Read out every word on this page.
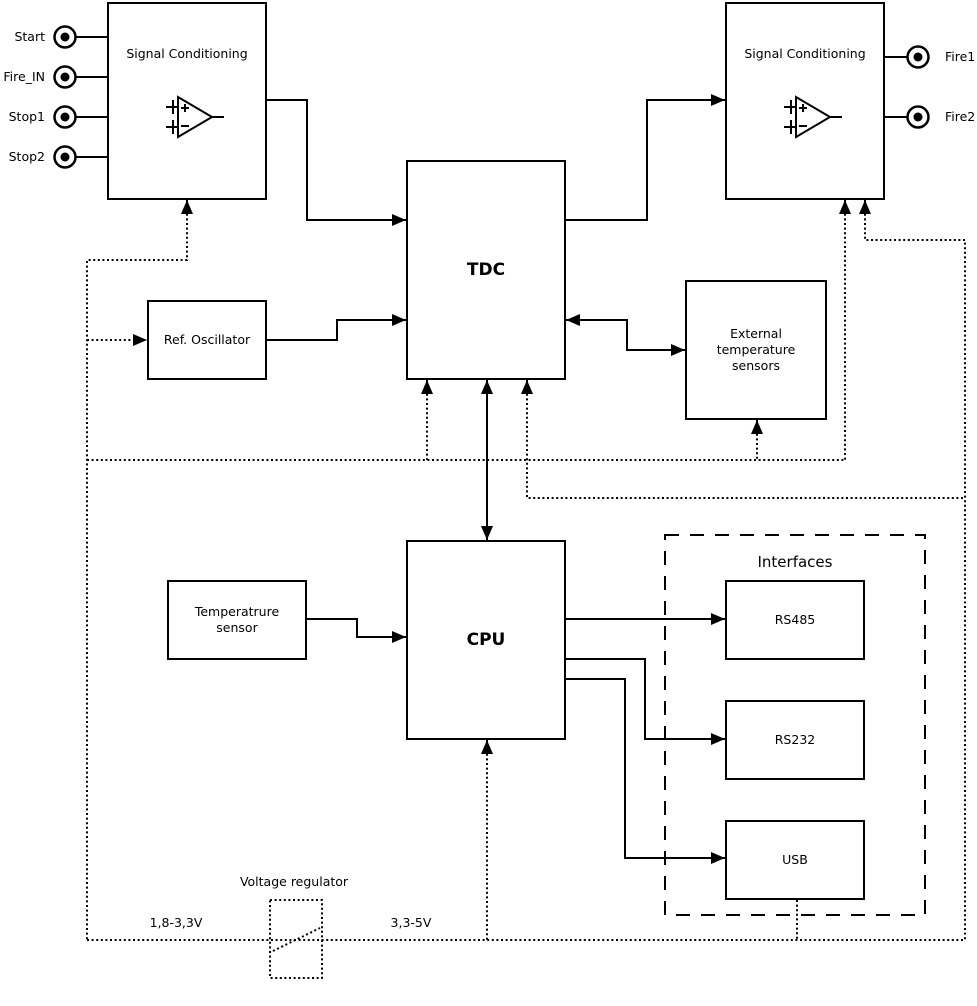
Signal Conditioning	Signal Conditioning
TDC
Ref. Oscillator	External
temperature
sensors
CPU
Temperatrure
sensor
Interfaces
RS485
RS232
USB
Start
Fire_IN
Stop1
Stop2
Fire1
Fire2
Voltage regulator
1,8-3,3V	3,3-5V
